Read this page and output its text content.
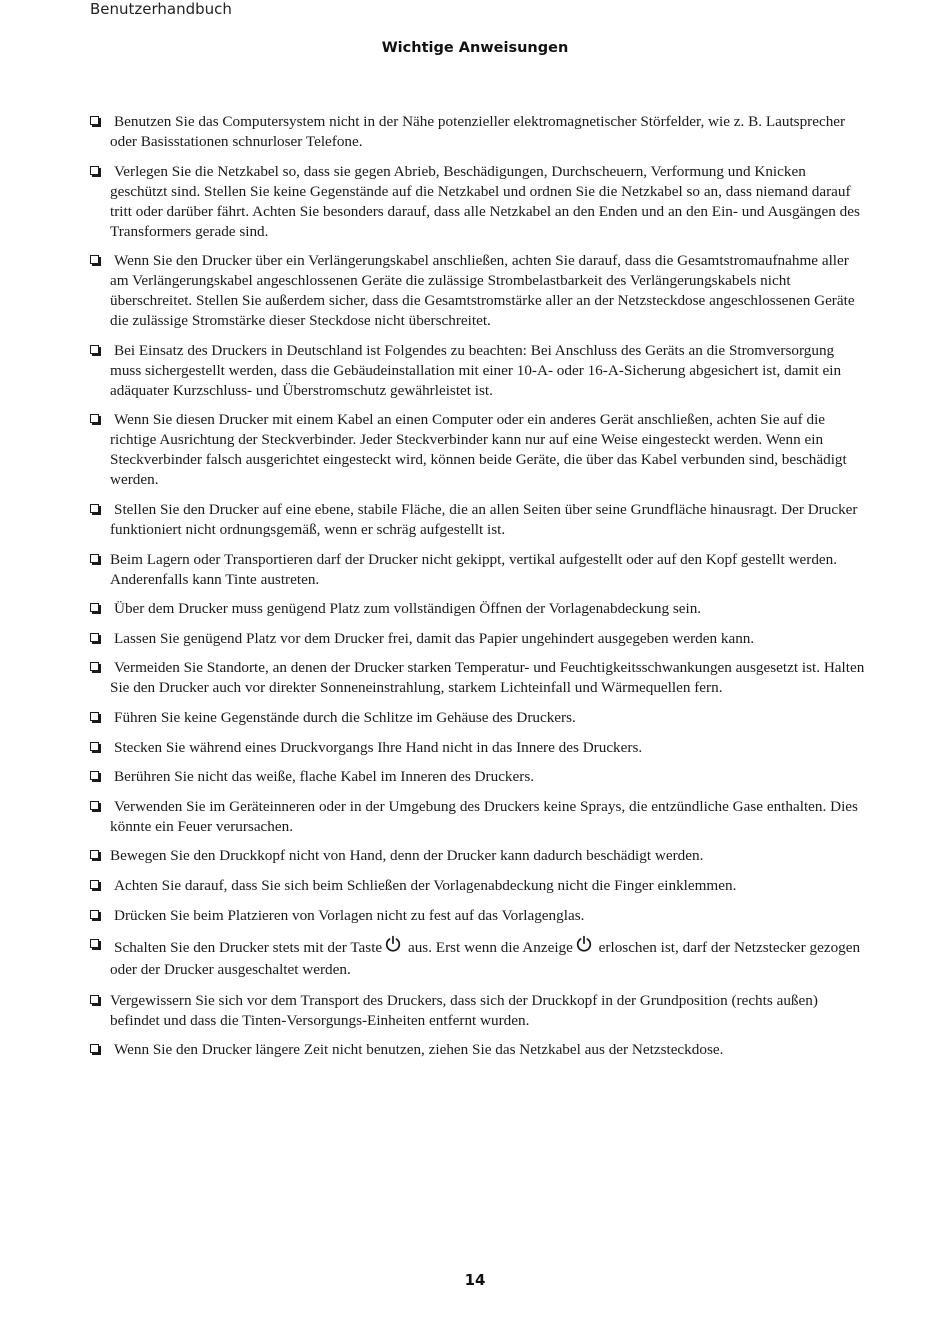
Benutzerhandbuch
Wichtige Anweisungen
Benutzen Sie das Computersystem nicht in der Nähe potenzieller elektromagnetischer Störfelder, wie z. B. Lautsprecher oder Basisstationen schnurloser Telefone.
Verlegen Sie die Netzkabel so, dass sie gegen Abrieb, Beschädigungen, Durchscheuern, Verformung und Knicken geschützt sind. Stellen Sie keine Gegenstände auf die Netzkabel und ordnen Sie die Netzkabel so an, dass niemand darauf tritt oder darüber fährt. Achten Sie besonders darauf, dass alle Netzkabel an den Enden und an den Ein- und Ausgängen des Transformers gerade sind.
Wenn Sie den Drucker über ein Verlängerungskabel anschließen, achten Sie darauf, dass die Gesamtstromaufnahme aller am Verlängerungskabel angeschlossenen Geräte die zulässige Strombelastbarkeit des Verlängerungskabels nicht überschreitet. Stellen Sie außerdem sicher, dass die Gesamtstromstärke aller an der Netzsteckdose angeschlossenen Geräte die zulässige Stromstärke dieser Steckdose nicht überschreitet.
Bei Einsatz des Druckers in Deutschland ist Folgendes zu beachten: Bei Anschluss des Geräts an die Stromversorgung muss sichergestellt werden, dass die Gebäudeinstallation mit einer 10-A- oder 16-A-Sicherung abgesichert ist, damit ein adäquater Kurzschluss- und Überstromschutz gewährleistet ist.
Wenn Sie diesen Drucker mit einem Kabel an einen Computer oder ein anderes Gerät anschließen, achten Sie auf die richtige Ausrichtung der Steckverbinder. Jeder Steckverbinder kann nur auf eine Weise eingesteckt werden. Wenn ein Steckverbinder falsch ausgerichtet eingesteckt wird, können beide Geräte, die über das Kabel verbunden sind, beschädigt werden.
Stellen Sie den Drucker auf eine ebene, stabile Fläche, die an allen Seiten über seine Grundfläche hinausragt. Der Drucker funktioniert nicht ordnungsgemäß, wenn er schräg aufgestellt ist.
Beim Lagern oder Transportieren darf der Drucker nicht gekippt, vertikal aufgestellt oder auf den Kopf gestellt werden. Anderenfalls kann Tinte austreten.
Über dem Drucker muss genügend Platz zum vollständigen Öffnen der Vorlagenabdeckung sein.
Lassen Sie genügend Platz vor dem Drucker frei, damit das Papier ungehindert ausgegeben werden kann.
Vermeiden Sie Standorte, an denen der Drucker starken Temperatur- und Feuchtigkeitsschwankungen ausgesetzt ist. Halten Sie den Drucker auch vor direkter Sonneneinstrahlung, starkem Lichteinfall und Wärmequellen fern.
Führen Sie keine Gegenstände durch die Schlitze im Gehäuse des Druckers.
Stecken Sie während eines Druckvorgangs Ihre Hand nicht in das Innere des Druckers.
Berühren Sie nicht das weiße, flache Kabel im Inneren des Druckers.
Verwenden Sie im Geräteinneren oder in der Umgebung des Druckers keine Sprays, die entzündliche Gase enthalten. Dies könnte ein Feuer verursachen.
Bewegen Sie den Druckkopf nicht von Hand, denn der Drucker kann dadurch beschädigt werden.
Achten Sie darauf, dass Sie sich beim Schließen der Vorlagenabdeckung nicht die Finger einklemmen.
Drücken Sie beim Platzieren von Vorlagen nicht zu fest auf das Vorlagenglas.
Schalten Sie den Drucker stets mit der Taste aus. Erst wenn die Anzeige erloschen ist, darf der Netzstecker gezogen oder der Drucker ausgeschaltet werden.
Vergewissern Sie sich vor dem Transport des Druckers, dass sich der Druckkopf in der Grundposition (rechts außen) befindet und dass die Tinten-Versorgungs-Einheiten entfernt wurden.
Wenn Sie den Drucker längere Zeit nicht benutzen, ziehen Sie das Netzkabel aus der Netzsteckdose.
14
